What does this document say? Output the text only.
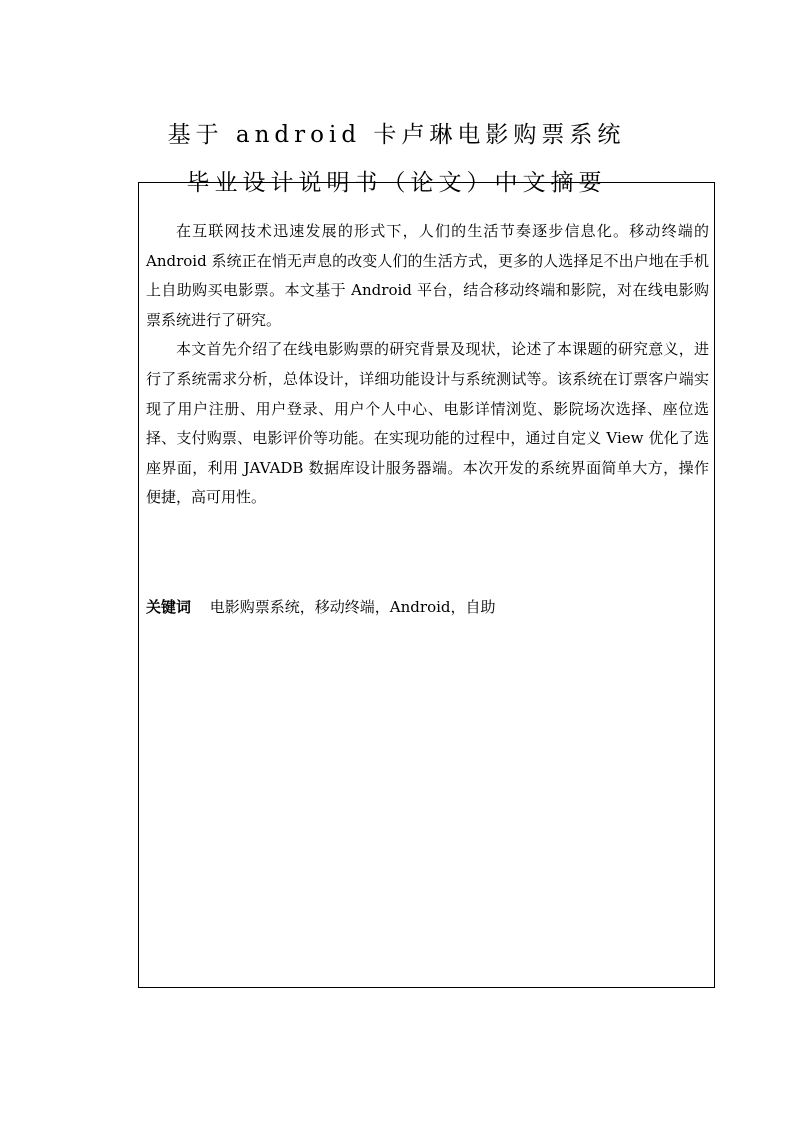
基于 android 卡卢琳电影购票系统
毕业设计说明书（论文）中文摘要

在互联网技术迅速发展的形式下，人们的生活节奏逐步信息化。移动终端的Android 系统正在悄无声息的改变人们的生活方式，更多的人选择足不出户地在手机上自助购买电影票。本文基于 Android 平台，结合移动终端和影院，对在线电影购票系统进行了研究。

本文首先介绍了在线电影购票的研究背景及现状，论述了本课题的研究意义，进行了系统需求分析，总体设计，详细功能设计与系统测试等。该系统在订票客户端实现了用户注册、用户登录、用户个人中心、电影详情浏览、影院场次选择、座位选择、支付购票、电影评价等功能。在实现功能的过程中，通过自定义 View 优化了选座界面，利用 JAVADB 数据库设计服务器端。本次开发的系统界面简单大方，操作便捷，高可用性。

关键词 电影购票系统，移动终端，Android，自助
